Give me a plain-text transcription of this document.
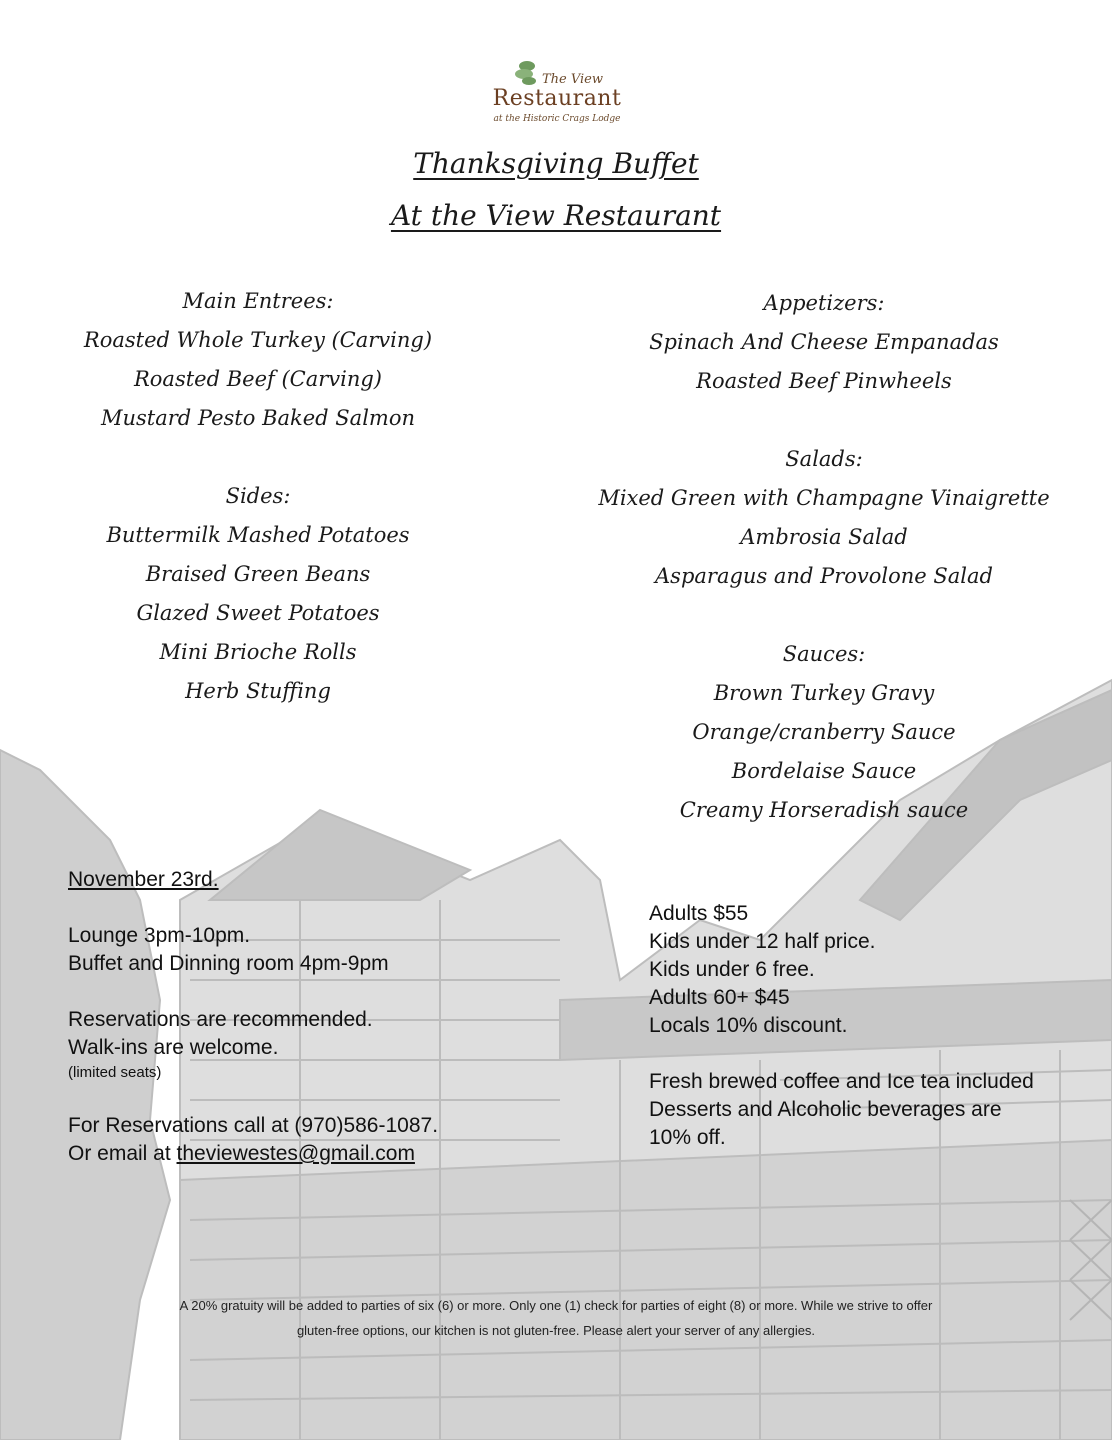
The View
Restaurant
at the Historic Crags Lodge
Thanksgiving Buffet
At the View Restaurant
Main Entrees:
Roasted Whole Turkey (Carving)
Roasted Beef (Carving)
Mustard Pesto Baked Salmon
Sides:
Buttermilk Mashed Potatoes
Braised Green Beans
Glazed Sweet Potatoes
Mini Brioche Rolls
Herb Stuffing
Appetizers:
Spinach And Cheese Empanadas
Roasted Beef Pinwheels
Salads:
Mixed Green with Champagne Vinaigrette
Ambrosia Salad
Asparagus and Provolone Salad
Sauces:
Brown Turkey Gravy
Orange/cranberry Sauce
Bordelaise Sauce
Creamy Horseradish sauce
November 23rd.
Lounge 3pm-10pm.
Buffet and Dinning room 4pm-9pm
Reservations are recommended.
Walk-ins are welcome.
(limited seats)
For Reservations call at (970)586-1087.
Or email at theviewestes@gmail.com
Adults $55
Kids under 12 half price.
Kids under 6 free.
Adults 60+ $45
Locals 10% discount.
Fresh brewed coffee and Ice tea included
Desserts and Alcoholic beverages are
10% off.
A 20% gratuity will be added to parties of six (6) or more. Only one (1) check for parties of eight (8) or more. While we strive to offer
gluten-free options, our kitchen is not gluten-free. Please alert your server of any allergies.
